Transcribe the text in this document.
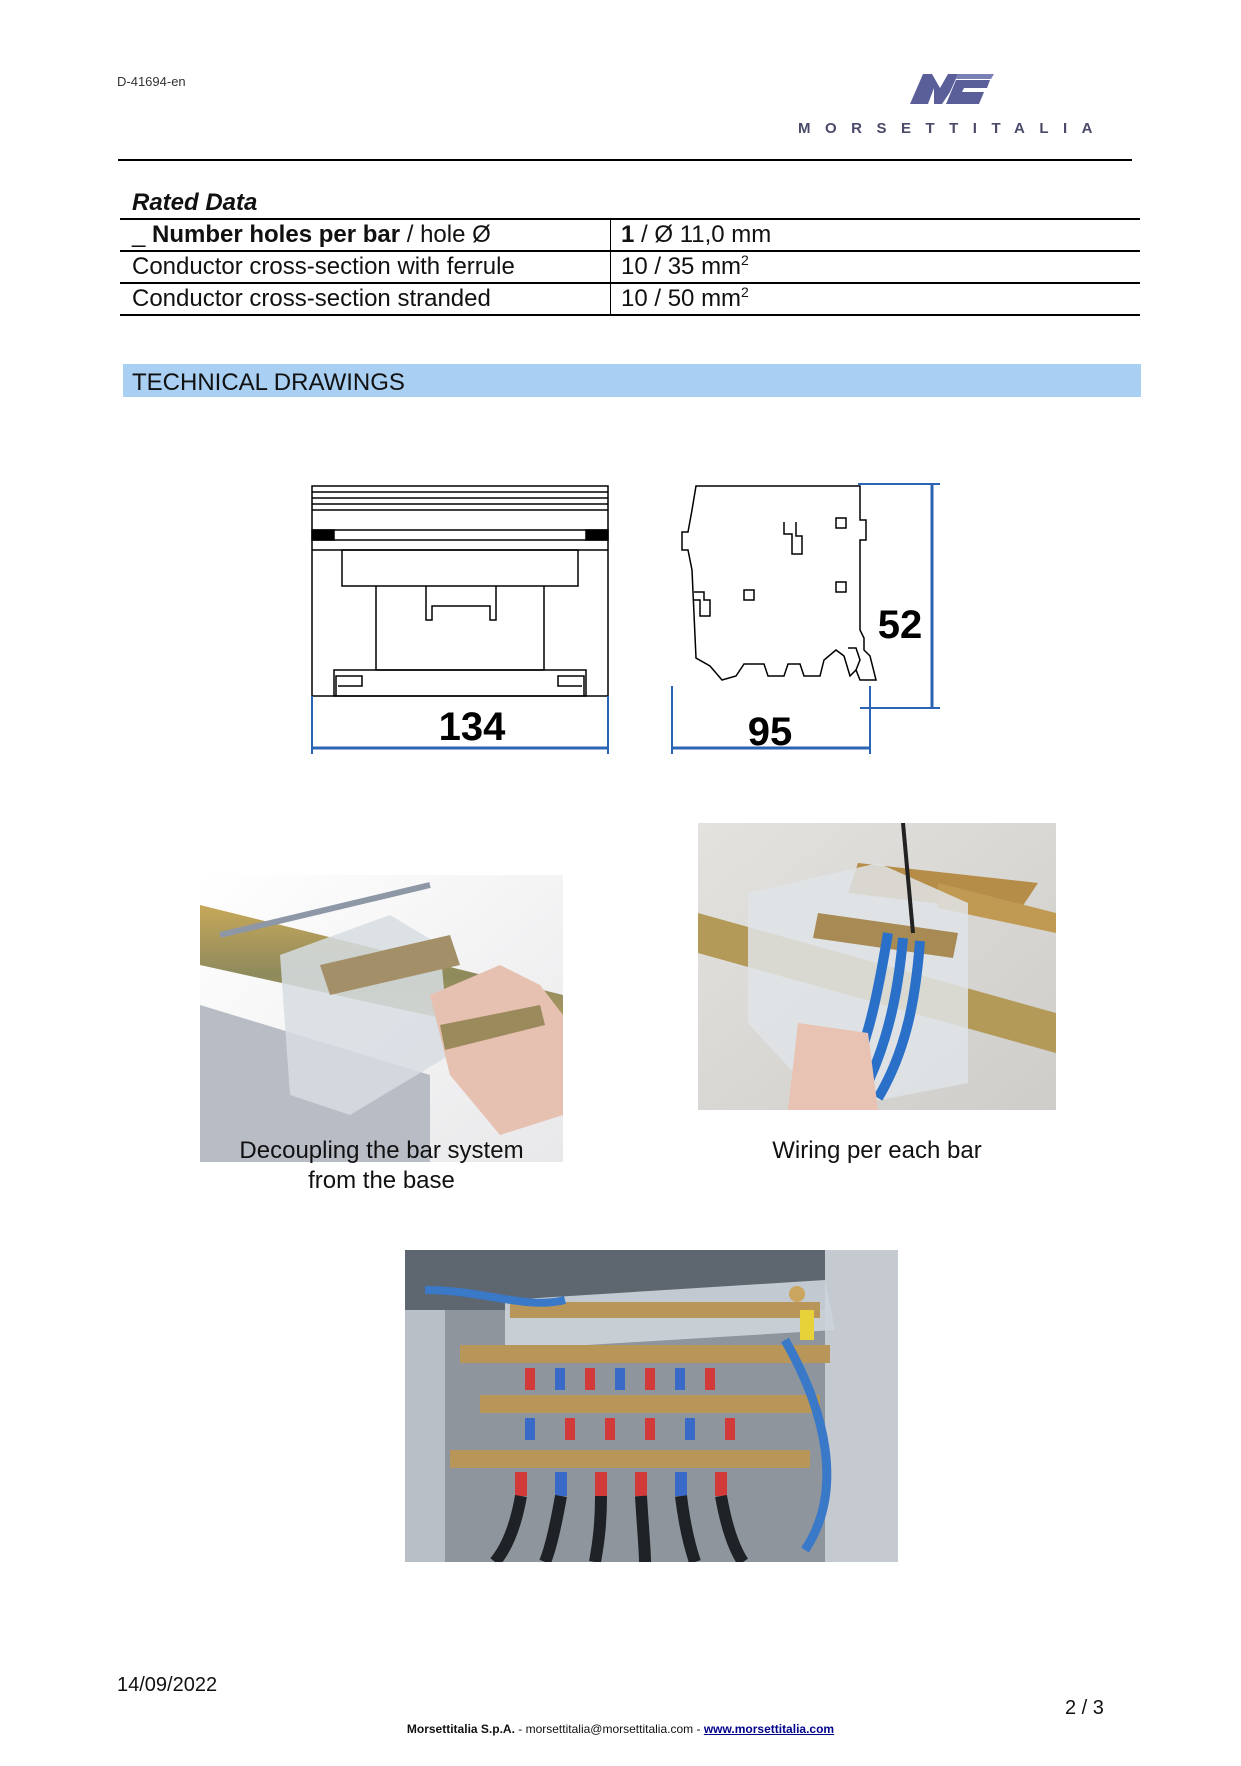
D-41694-en
MORSETTITALIA
Rated Data
_ Number holes per bar / hole Ø	1 / Ø 11,0 mm
Conductor cross-section with ferrule	10 / 35 $mm^2$
Conductor cross-section stranded	10 / 50 $mm^2$
TECHNICAL DRAWINGS
134
52
95
Decoupling the bar system
from the base
Wiring per each bar
14/09/2022
2 / 3
Morsettitalia S.p.A. - morsettitalia@morsettitalia.com - www.morsettitalia.com
